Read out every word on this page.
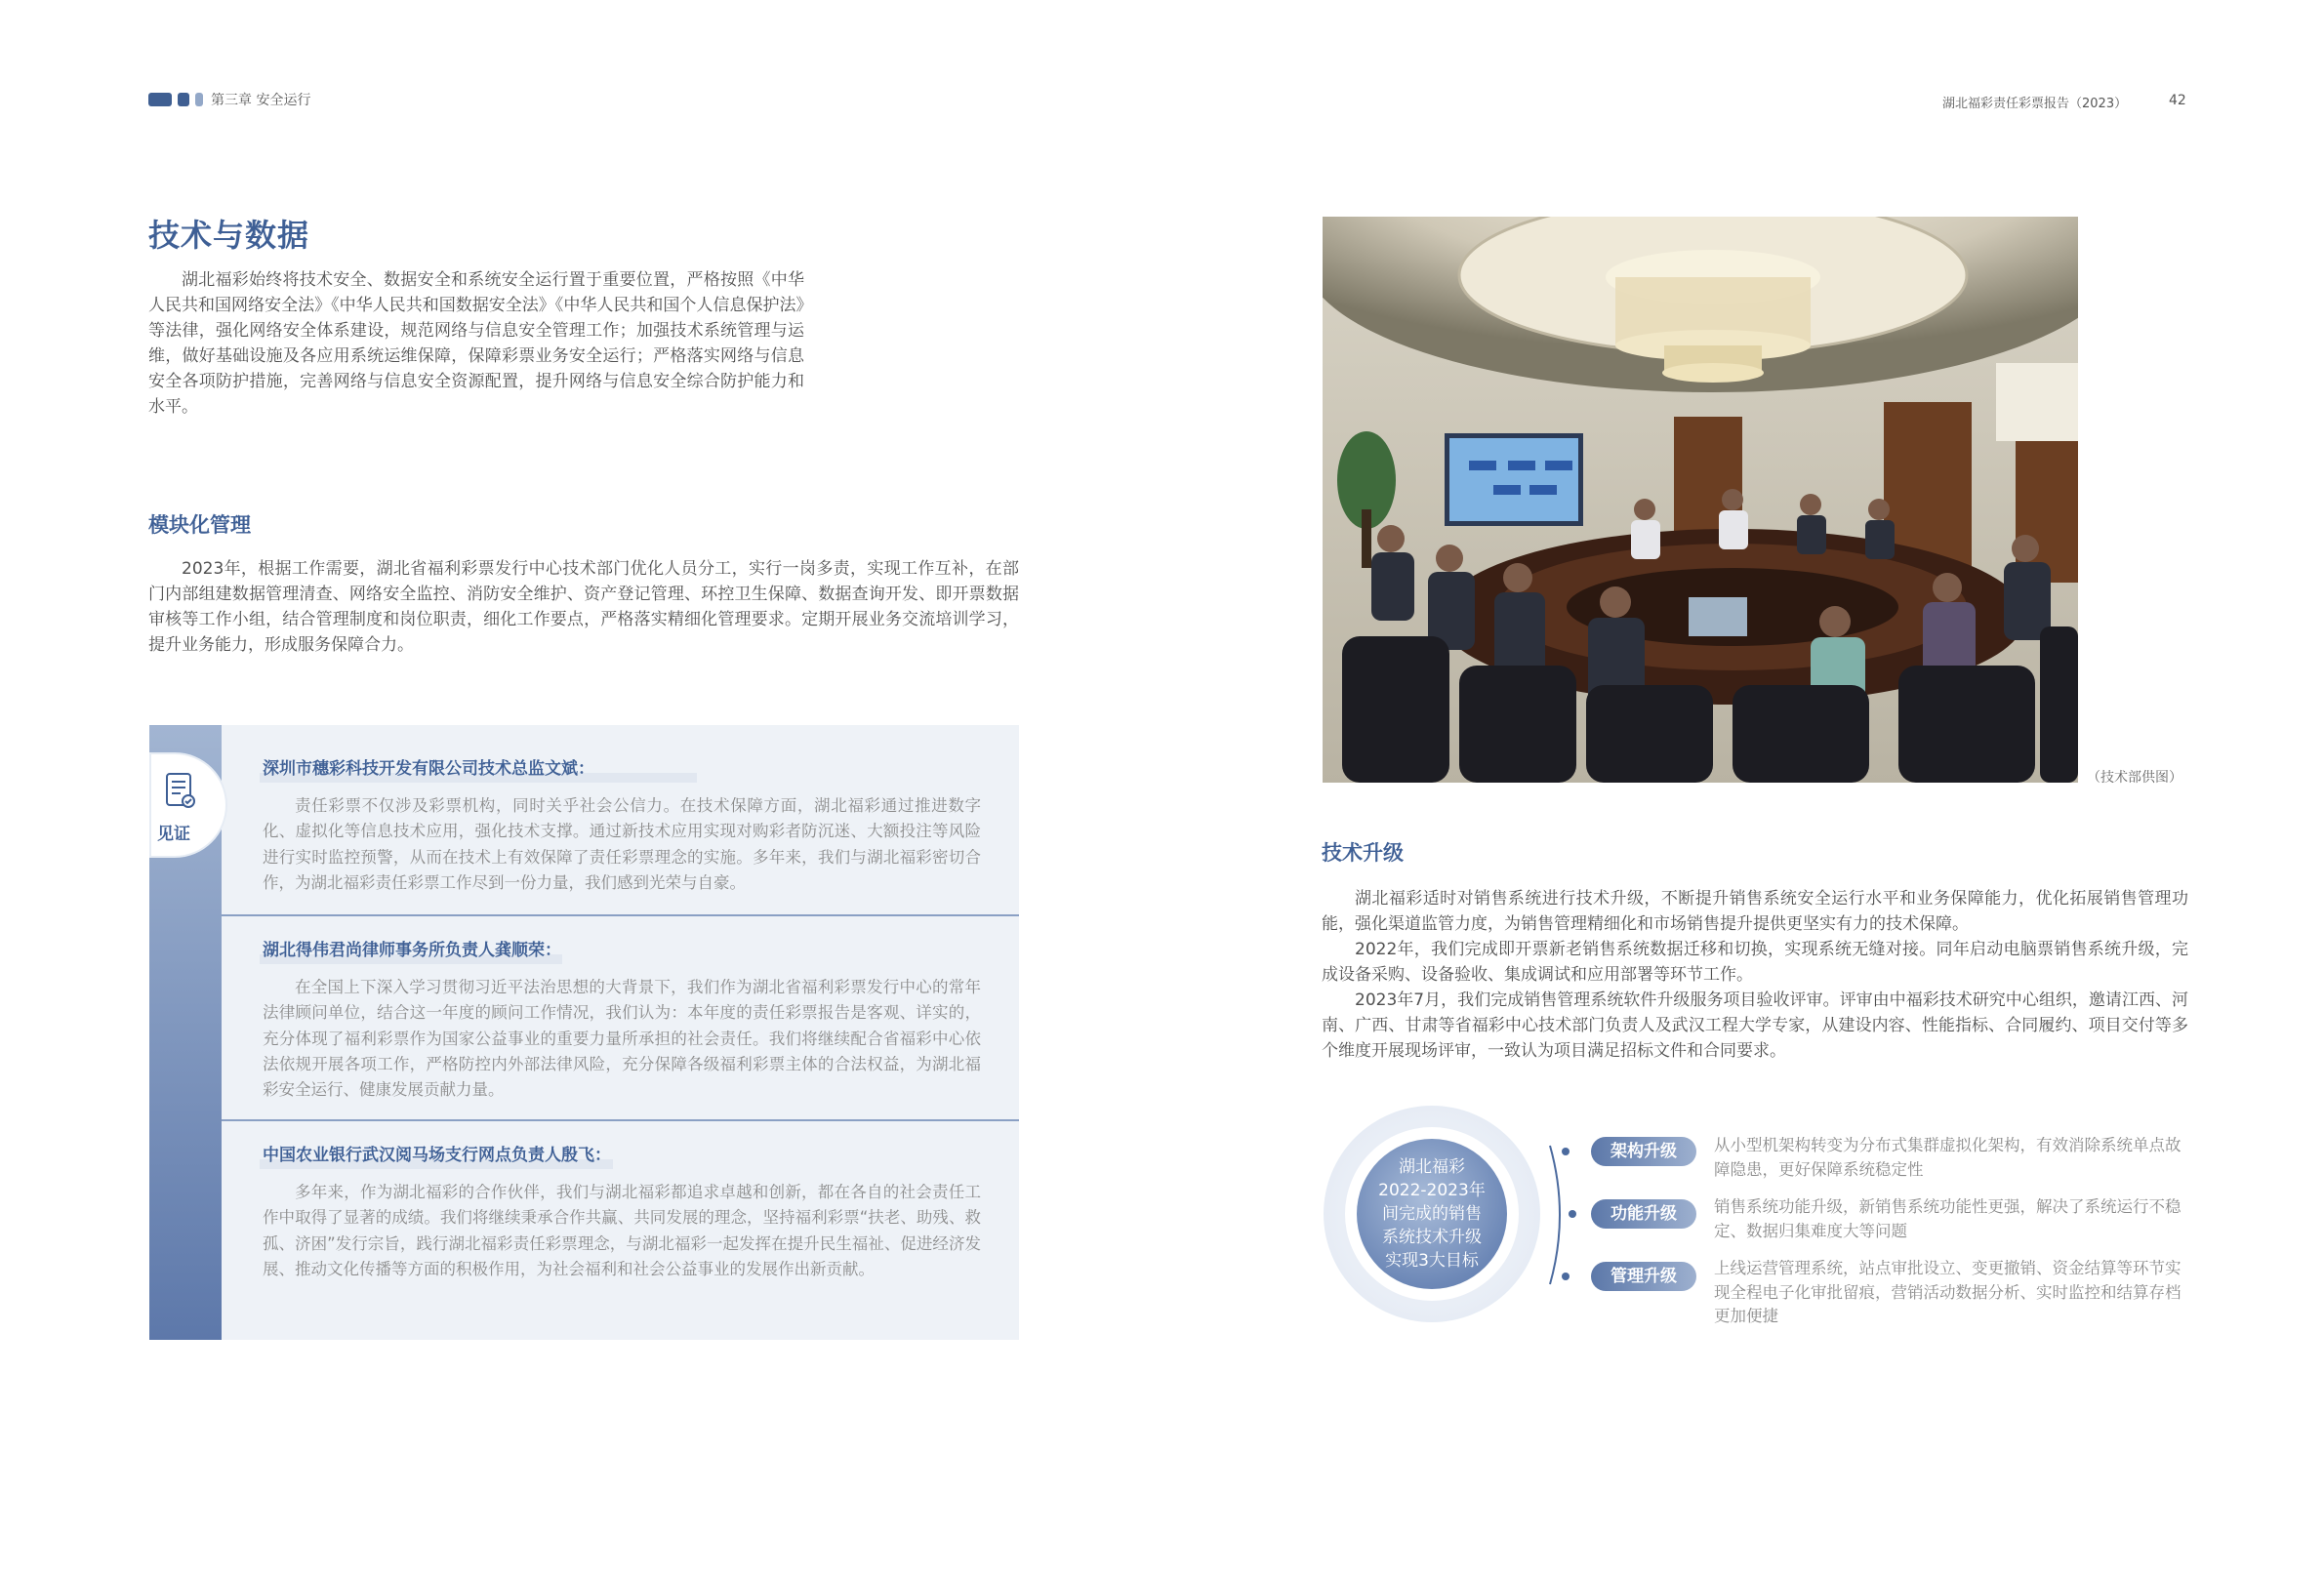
第三章 安全运行	湖北福彩责任彩票报告（2023）	42
技术与数据

湖北福彩始终将技术安全、数据安全和系统安全运行置于重要位置，严格按照《中华人民共和国网络安全法》《中华人民共和国数据安全法》《中华人民共和国个人信息保护法》等法律，强化网络安全体系建设，规范网络与信息安全管理工作；加强技术系统管理与运维，做好基础设施及各应用系统运维保障，保障彩票业务安全运行；严格落实网络与信息安全各项防护措施，完善网络与信息安全资源配置，提升网络与信息安全综合防护能力和水平。

模块化管理

2023年，根据工作需要，湖北省福利彩票发行中心技术部门优化人员分工，实行一岗多责，实现工作互补，在部门内部组建数据管理清查、网络安全监控、消防安全维护、资产登记管理、环控卫生保障、数据查询开发、即开票数据审核等工作小组，结合管理制度和岗位职责，细化工作要点，严格落实精细化管理要求。定期开展业务交流培训学习，提升业务能力，形成服务保障合力。

深圳市穗彩科技开发有限公司技术总监文斌：

责任彩票不仅涉及彩票机构，同时关乎社会公信力。在技术保障方面，湖北福彩通过推进数字化、虚拟化等信息技术应用，强化技术支撑。通过新技术应用实现对购彩者防沉迷、大额投注等风险进行实时监控预警，从而在技术上有效保障了责任彩票理念的实施。多年来，我们与湖北福彩密切合作，为湖北福彩责任彩票工作尽到一份力量，我们感到光荣与自豪。

湖北得伟君尚律师事务所负责人龚顺荣：

在全国上下深入学习贯彻习近平法治思想的大背景下，我们作为湖北省福利彩票发行中心的常年法律顾问单位，结合这一年度的顾问工作情况，我们认为：本年度的责任彩票报告是客观、详实的，充分体现了福利彩票作为国家公益事业的重要力量所承担的社会责任。我们将继续配合省福彩中心依法依规开展各项工作，严格防控内外部法律风险，充分保障各级福利彩票主体的合法权益，为湖北福彩安全运行、健康发展贡献力量。

中国农业银行武汉阅马场支行网点负责人殷飞：

多年来，作为湖北福彩的合作伙伴，我们与湖北福彩都追求卓越和创新，都在各自的社会责任工作中取得了显著的成绩。我们将继续秉承合作共赢、共同发展的理念，坚持福利彩票“扶老、助残、救孤、济困”发行宗旨，践行湖北福彩责任彩票理念，与湖北福彩一起发挥在提升民生福祉、促进经济发展、推动文化传播等方面的积极作用，为社会福利和社会公益事业的发展作出新贡献。

见证
（技术部供图）
技术升级

湖北福彩适时对销售系统进行技术升级，不断提升销售系统安全运行水平和业务保障能力，优化拓展销售管理功能，强化渠道监管力度，为销售管理精细化和市场销售提升提供更坚实有力的技术保障。

2022年，我们完成即开票新老销售系统数据迁移和切换，实现系统无缝对接。同年启动电脑票销售系统升级，完成设备采购、设备验收、集成调试和应用部署等环节工作。

2023年7月，我们完成销售管理系统软件升级服务项目验收评审。评审由中福彩技术研究中心组织，邀请江西、河南、广西、甘肃等省福彩中心技术部门负责人及武汉工程大学专家，从建设内容、性能指标、合同履约、项目交付等多个维度开展现场评审，一致认为项目满足招标文件和合同要求。

湖北福彩
2022-2023年
间完成的销售
系统技术升级
实现3大目标
架构升级	从小型机架构转变为分布式集群虚拟化架构，有效消除系统单点故障隐患，更好保障系统稳定性

功能升级	销售系统功能升级，新销售系统功能性更强，解决了系统运行不稳定、数据归集难度大等问题

管理升级	上线运营管理系统，站点审批设立、变更撤销、资金结算等环节实现全程电子化审批留痕，营销活动数据分析、实时监控和结算存档更加便捷
